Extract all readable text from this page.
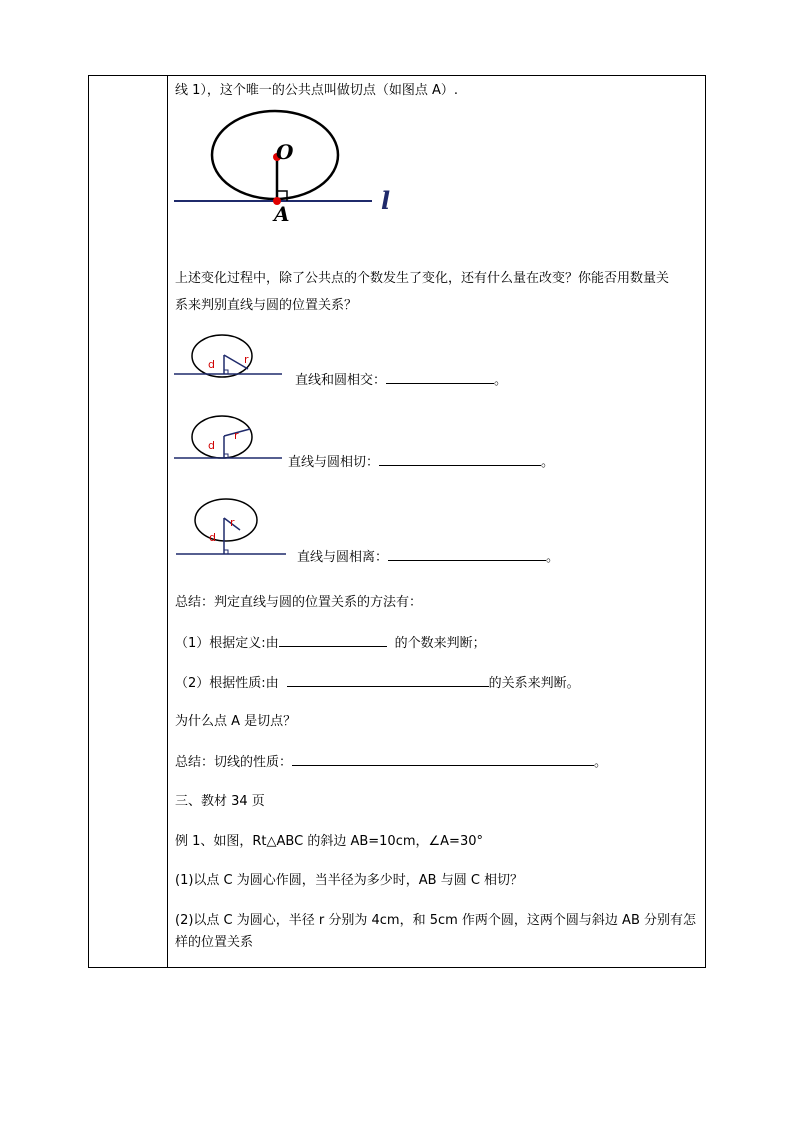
线 1），这个唯一的公共点叫做切点（如图点 A）.
O
A	l
上述变化过程中，除了公共点的个数发生了变化，还有什么量在改变？你能否用数量关
系来判别直线与圆的位置关系？
d	r
直线和圆相交：	。
d
r
直线与圆相切：	。
d
r
直线与圆相离：	。
总结：判定直线与圆的位置关系的方法有：
（1）根据定义:由	的个数来判断；
（2）根据性质:由	的关系来判断。
为什么点 A 是切点？
总结：切线的性质：	。
三、教材 34 页
例 1、如图，Rt△ABC 的斜边 AB=10cm，∠A=30°
(1)以点 C 为圆心作圆，当半径为多少时，AB 与圆 C 相切？
(2)以点 C 为圆心，半径 r 分别为 4cm，和 5cm 作两个圆，这两个圆与斜边 AB 分别有怎
样的位置关系
